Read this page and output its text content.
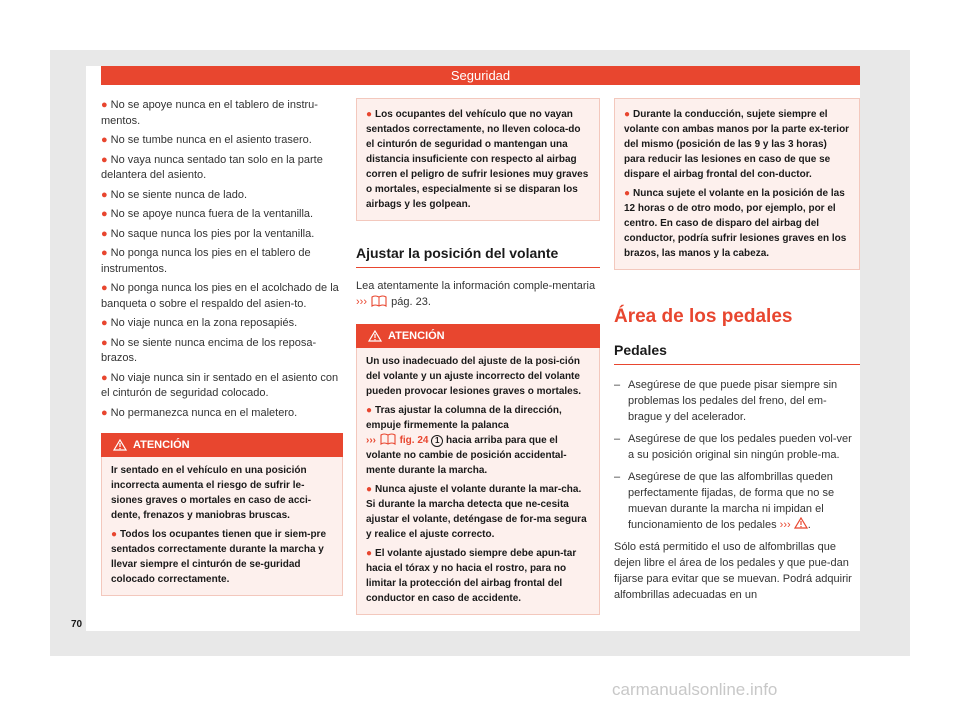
Seguridad
● No se apoye nunca en el tablero de instru-mentos.
● No se tumbe nunca en el asiento trasero.
● No vaya nunca sentado tan solo en la parte delantera del asiento.
● No se siente nunca de lado.
● No se apoye nunca fuera de la ventanilla.
● No saque nunca los pies por la ventanilla.
● No ponga nunca los pies en el tablero de instrumentos.
● No ponga nunca los pies en el acolchado de la banqueta o sobre el respaldo del asien-to.
● No viaje nunca en la zona reposapiés.
● No se siente nunca encima de los reposa-brazos.
● No viaje nunca sin ir sentado en el asiento con el cinturón de seguridad colocado.
● No permanezca nunca en el maletero.
ATENCIÓN

Ir sentado en el vehículo en una posición incorrecta aumenta el riesgo de sufrir le-siones graves o mortales en caso de acci-dente, frenazos y maniobras bruscas.

● Todos los ocupantes tienen que ir siem-pre sentados correctamente durante la marcha y llevar siempre el cinturón de se-guridad colocado correctamente.

● Los ocupantes del vehículo que no vayan sentados correctamente, no lleven coloca-do el cinturón de seguridad o mantengan una distancia insuficiente con respecto al airbag corren el peligro de sufrir lesiones muy graves o mortales, especialmente si se disparan los airbags y les golpean.

Ajustar la posición del volante

Lea atentamente la información comple-mentaria ››› pág. 23.

ATENCIÓN

Un uso inadecuado del ajuste de la posi-ción del volante y un ajuste incorrecto del volante pueden provocar lesiones graves o mortales.

● Tras ajustar la columna de la dirección, empuje firmemente la palanca
››› fig. 24 1 hacia arriba para que el volante no cambie de posición accidental-mente durante la marcha.
● Nunca ajuste el volante durante la mar-cha. Si durante la marcha detecta que ne-cesita ajustar el volante, deténgase de for-ma segura y realice el ajuste correcto.
● El volante ajustado siempre debe apun-tar hacia el tórax y no hacia el rostro, para no limitar la protección del airbag frontal del conductor en caso de accidente.

● Durante la conducción, sujete siempre el volante con ambas manos por la parte ex-terior del mismo (posición de las 9 y las 3 horas) para reducir las lesiones en caso de que se dispare el airbag frontal del con-ductor.

● Nunca sujete el volante en la posición de las 12 horas o de otro modo, por ejemplo, por el centro. En caso de disparo del airbag del conductor, podría sufrir lesiones graves en los brazos, las manos y la cabeza.

Área de los pedales
Pedales
– Asegúrese de que puede pisar siempre sin problemas los pedales del freno, del em-brague y del acelerador.
– Asegúrese de que los pedales pueden vol-ver a su posición original sin ningún proble-ma.
– Asegúrese de que las alfombrillas queden perfectamente fijadas, de forma que no se muevan durante la marcha ni impidan el funcionamiento de los pedales ››› .

Sólo está permitido el uso de alfombrillas que dejen libre el área de los pedales y que pue-dan fijarse para evitar que se muevan. Podrá adquirir alfombrillas adecuadas en un

70
carmanualsonline.info
